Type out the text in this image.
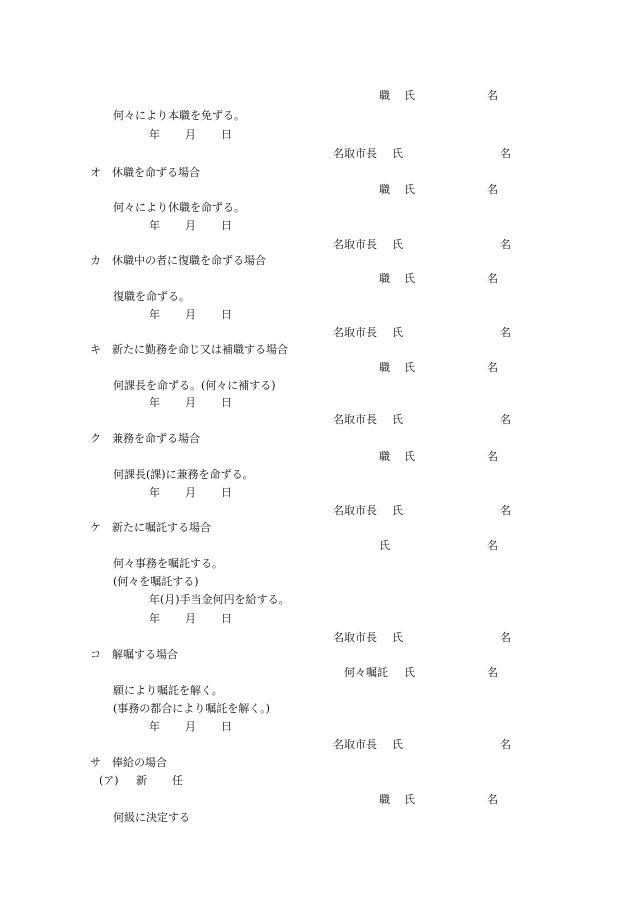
職 氏	名
何々により本職を免ずる。
年 月 日
名取市長 氏	名
オ 休職を命ずる場合
職 氏	名
何々により休職を命ずる。
年 月 日
名取市長 氏	名
カ 休職中の者に復職を命ずる場合
職 氏	名
復職を命ずる。
年 月 日
名取市長 氏	名
キ 新たに勤務を命じ又は補職する場合
職 氏	名
何課長を命ずる。(何々に補する)
年 月 日
名取市長 氏	名
ク 兼務を命ずる場合
職 氏	名
何課長(課)に兼務を命ずる。
年 月 日
名取市長 氏	名
ケ 新たに嘱託する場合
氏	名
何々事務を嘱託する。
(何々を嘱託する)
年(月)手当金何円を給する。
年 月 日
名取市長 氏	名
コ 解嘱する場合
何々嘱託 氏	名
願により嘱託を解く。
(事務の都合により嘱託を解く。)
年 月 日
名取市長 氏	名
サ 俸給の場合
(ア) 新 任
職 氏	名
何級に決定する
